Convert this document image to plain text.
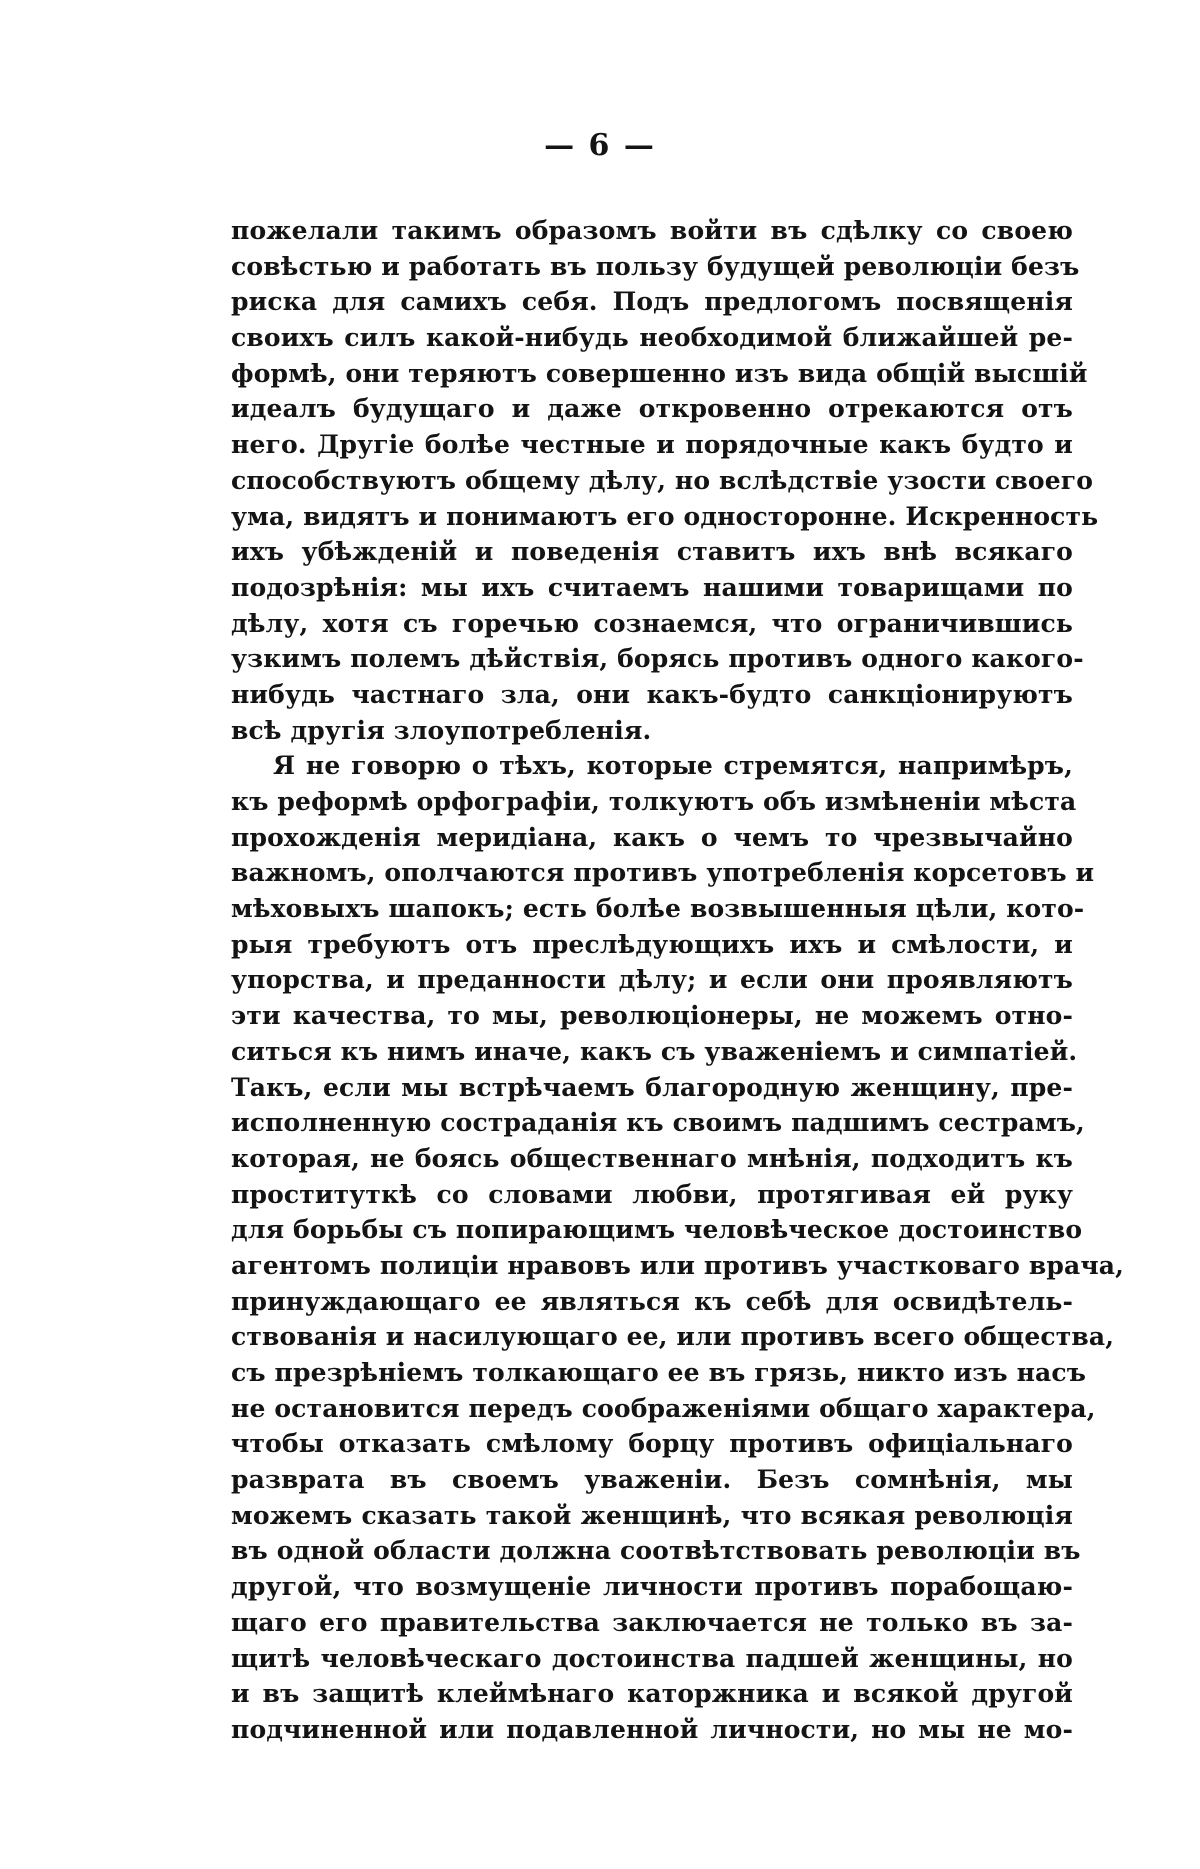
— 6 —
пожелали такимъ образомъ войти въ сдѣлку со своею
совѣстью и работать въ пользу будущей революціи безъ
риска для самихъ себя. Подъ предлогомъ посвященія
своихъ силъ какой-нибудь необходимой ближайшей ре-
формѣ, они теряютъ совершенно изъ вида общій высшій
идеалъ будущаго и даже откровенно отрекаются отъ
него. Другіе болѣе честные и порядочные какъ будто и
способствуютъ общему дѣлу, но вслѣдствіе узости своего
ума, видятъ и понимаютъ его односторонне. Искренность
ихъ убѣжденій и поведенія ставитъ ихъ внѣ всякаго
подозрѣнія: мы ихъ считаемъ нашими товарищами по
дѣлу, хотя съ горечью сознаемся, что ограничившись
узкимъ полемъ дѣйствія, борясь противъ одного какого-
нибудь частнаго зла, они какъ-будто санкціонируютъ
всѣ другія злоупотребленія.
Я не говорю о тѣхъ, которые стремятся, напримѣръ,
къ реформѣ орфографіи, толкуютъ объ измѣненіи мѣста
прохожденія меридіана, какъ о чемъ то чрезвычайно
важномъ, ополчаются противъ употребленія корсетовъ и
мѣховыхъ шапокъ; есть болѣе возвышенныя цѣли, кото-
рыя требуютъ отъ преслѣдующихъ ихъ и смѣлости, и
упорства, и преданности дѣлу; и если они проявляютъ
эти качества, то мы, революціонеры, не можемъ отно-
ситься къ нимъ иначе, какъ съ уваженіемъ и симпатіей.
Такъ, если мы встрѣчаемъ благородную женщину, пре-
исполненную состраданія къ своимъ падшимъ сестрамъ,
которая, не боясь общественнаго мнѣнія, подходитъ къ
проституткѣ со словами любви, протягивая ей руку
для борьбы съ попирающимъ человѣческое достоинство
агентомъ полиціи нравовъ или противъ участковаго врача,
принуждающаго ее являться къ себѣ для освидѣтель-
ствованія и насилующаго ее, или противъ всего общества,
съ презрѣніемъ толкающаго ее въ грязь, никто изъ насъ
не остановится передъ соображеніями общаго характера,
чтобы отказать смѣлому борцу противъ офиціальнаго
разврата въ своемъ уваженіи. Безъ сомнѣнія, мы
можемъ сказать такой женщинѣ, что всякая революція
въ одной области должна соотвѣтствовать революціи въ
другой, что возмущеніе личности противъ порабощаю-
щаго его правительства заключается не только въ за-
щитѣ человѣческаго достоинства падшей женщины, но
и въ защитѣ клеймѣнаго каторжника и всякой другой
подчиненной или подавленной личности, но мы не мо-
